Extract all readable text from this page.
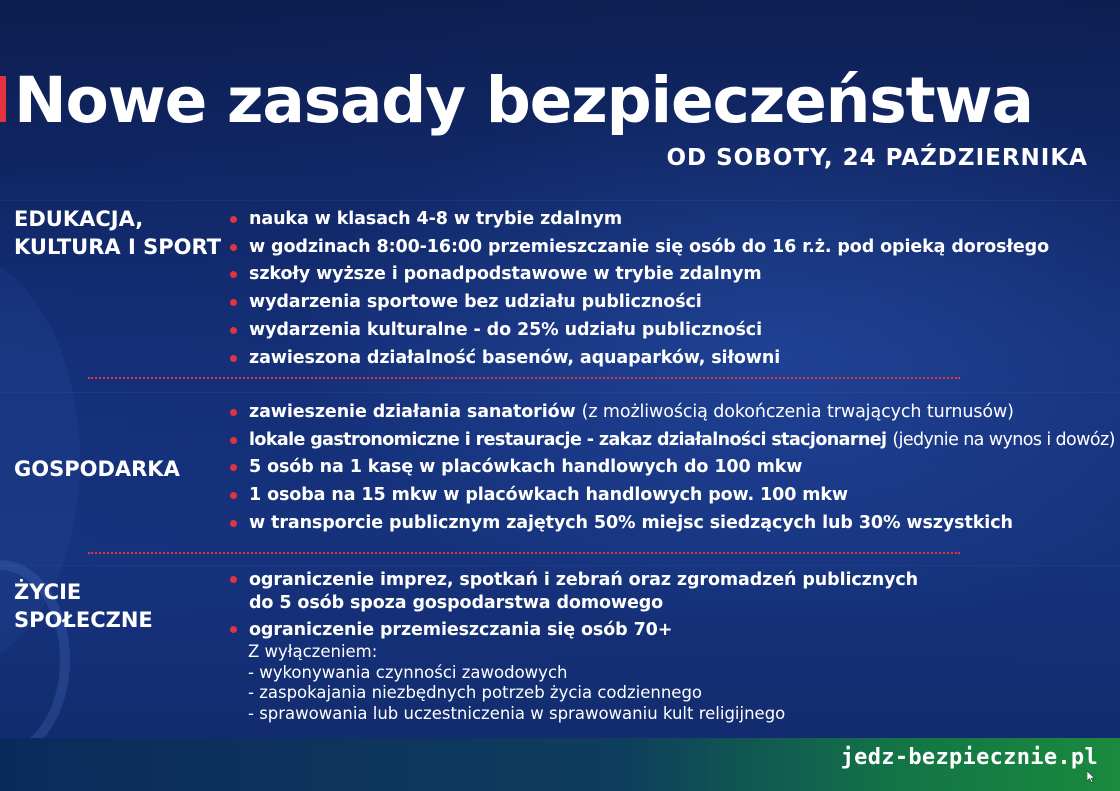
Nowe zasady bezpieczeństwa
OD SOBOTY, 24 PAŹDZIERNIKA
EDUKACJA,
KULTURA I SPORT
nauka w klasach 4-8 w trybie zdalnym
w godzinach 8:00-16:00 przemieszczanie się osób do 16 r.ż. pod opieką dorosłego
szkoły wyższe i ponadpodstawowe w trybie zdalnym
wydarzenia sportowe bez udziału publiczności
wydarzenia kulturalne - do 25% udziału publiczności
zawieszona działalność basenów, aquaparków, siłowni
GOSPODARKA
zawieszenie działania sanatoriów (z możliwością dokończenia trwających turnusów)
lokale gastronomiczne i restauracje - zakaz działalności stacjonarnej (jedynie na wynos i dowóz)
5 osób na 1 kasę w placówkach handlowych do 100 mkw
1 osoba na 15 mkw w placówkach handlowych pow. 100 mkw
w transporcie publicznym zajętych 50% miejsc siedzących lub 30% wszystkich
ŻYCIE
SPOŁECZNE
ograniczenie imprez, spotkań i zebrań oraz zgromadzeń publicznych
do 5 osób spoza gospodarstwa domowego
ograniczenie przemieszczania się osób 70+
Z wyłączeniem:
- wykonywania czynności zawodowych
- zaspokajania niezbędnych potrzeb życia codziennego
- sprawowania lub uczestniczenia w sprawowaniu kult religijnego
jedz-bezpiecznie.pl
